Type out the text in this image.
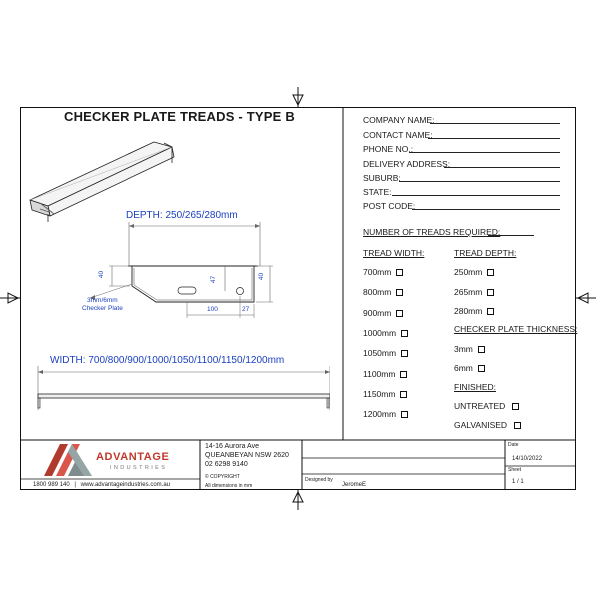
CHECKER PLATE TREADS - TYPE B
DEPTH: 250/265/280mm
40
47	40
100	27
3mm/6mm
Checker Plate
WIDTH: 700/800/900/1000/1050/1100/1150/1200mm
COMPANY NAME:
CONTACT NAME:
PHONE NO.:
DELIVERY ADDRESS:
SUBURB:
STATE:
POST CODE:
NUMBER OF TREADS REQUIRED:
TREAD WIDTH:
700mm
800mm
900mm
1000mm
1050mm
1100mm
1150mm
1200mm
TREAD DEPTH:
250mm
265mm
280mm
CHECKER PLATE THICKNESS:
3mm
6mm
FINISHED:
UNTREATED
GALVANISED
ADVANTAGE
INDUSTRIES
1800 989 140 | www.advantageindustries.com.au
14-16 Aurora Ave
QUEANBEYAN NSW 2620
02 6298 9140
© COPYRIGHT
All dimensions in mm
Designed by
JeromeE
Date
14/10/2022
Sheet
1 / 1
